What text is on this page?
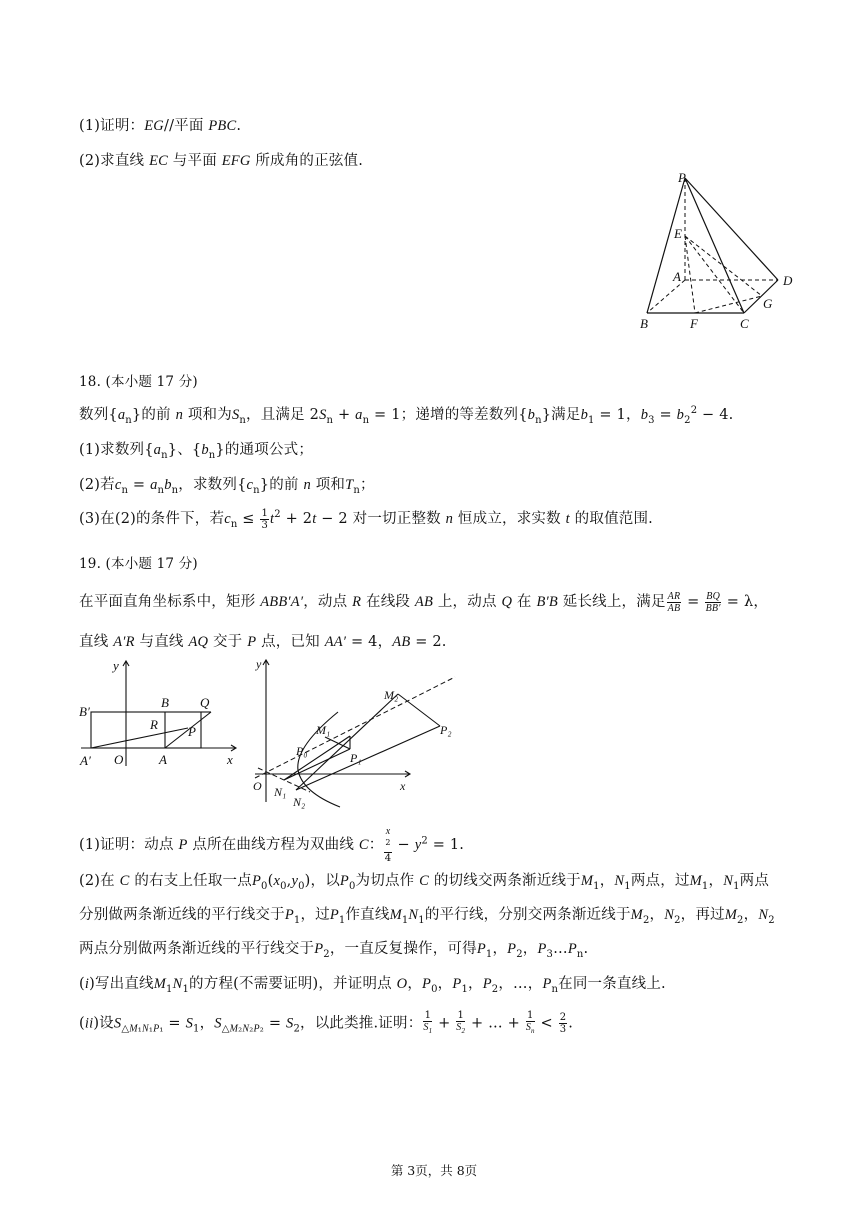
(1)证明：EG//平面 PBC.
(2)求直线 EC 与平面 EFG 所成角的正弦值.
P
E
A	D
G
B	F	C
18. (本小题 17 分)
数列$\{a_n\}$的前 n 项和为$S_n$，且满足 $2S_n + a_n = 1$；递增的等差数列$\{b_n\}$满足$b_1 = 1$，$b_3 = b_2^2 - 4$.
(1)求数列$\{a_n\}$、$\{b_n\}$的通项公式；
(2)若$c_n = a_nb_n$，求数列$\{c_n\}$的前 n 项和$T_n$；
(3)在(2)的条件下，若$c_n \le \frac{1}{3} t^2 + 2t - 2$ 对一切正整数 n 恒成立，求实数 t 的取值范围.
19. (本小题 17 分)
在平面直角坐标系中，矩形 ABB′A′，动点 R 在线段 AB 上，动点 Q 在 B′B 延长线上，满足 $\frac{AR}{AB} = \frac{BQ}{BB'} = \lambda$，
直线 A′R 与直线 AQ 交于 P 点，已知 AA′ = 4，AB = 2.
y
B′
B Q
R P
A′ O	A	x
y
M₂
M₁	P₂
P₀	P₁
O N₁
N₂
x
(1)证明：动点 P 点所在曲线方程为双曲线 C： x
$^2$
$4 - y^2 = 1$.
(2)在 C 的右支上任取一点$P_0(x_0,y_0)$，以$P_0$为切点作 C 的切线交两条渐近线于$M_1$，$N_1$两点，过$M_1$，$N_1$两点
分别做两条渐近线的平行线交于$P_1$，过$P_1$作直线$M_1N_1$的平行线，分别交两条渐近线于$M_2$，$N_2$，再过$M_2$，$N_2$
两点分别做两条渐近线的平行线交于$P_2$，一直反复操作，可得$P_1$，$P_2$，$P_3\dots P_n$.
(i)写出直线$M_1N_1$的方程(不需要证明)，并证明点 O，$P_0$，$P_1$，$P_2$，…，$P_n$在同一条直线上.
(ii)设$S_{\triangle M_1N_1P_1} = S_1$，$S_{\triangle M_2N_2P_2} = S_2$，以此类推.证明： $\frac{1}{S_1} + \frac{1}{S_2}$ + … + $\frac{1}{S_n} < \frac{2}{3}$ .
第 3页，共 8页
